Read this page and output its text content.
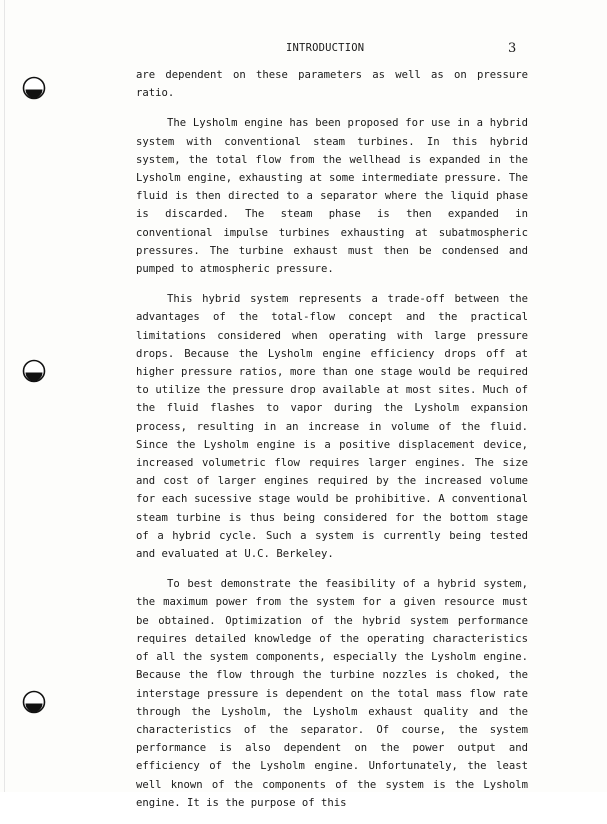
INTRODUCTION	3

are dependent on these parameters as well as on pressure ratio.

The Lysholm engine has been proposed for use in a hybrid system with conventional steam turbines. In this hybrid system, the total flow from the wellhead is expanded in the Lysholm engine, exhausting at some intermediate pressure. The fluid is then directed to a separator where the liquid phase is discarded. The steam phase is then expanded in conventional impulse turbines exhausting at subatmospheric pressures. The turbine exhaust must then be condensed and pumped to atmospheric pressure.

This hybrid system represents a trade-off between the advantages of the total-flow concept and the practical limitations considered when operating with large pressure drops. Because the Lysholm engine efficiency drops off at higher pressure ratios, more than one stage would be required to utilize the pressure drop available at most sites. Much of the fluid flashes to vapor during the Lysholm expansion process, resulting in an increase in volume of the fluid. Since the Lysholm engine is a positive displacement device, increased volumetric flow requires larger engines. The size and cost of larger engines required by the increased volume for each sucessive stage would be prohibitive. A conventional steam turbine is thus being considered for the bottom stage of a hybrid cycle. Such a system is currently being tested and evaluated at U.C. Berkeley.

To best demonstrate the feasibility of a hybrid system, the maximum power from the system for a given resource must be obtained. Optimization of the hybrid system performance requires detailed knowledge of the operating characteristics of all the system components, especially the Lysholm engine. Because the flow through the turbine nozzles is choked, the interstage pressure is dependent on the total mass flow rate through the Lysholm, the Lysholm exhaust quality and the characteristics of the separator. Of course, the system performance is also dependent on the power output and efficiency of the Lysholm engine. Unfortunately, the least well known of the components of the system is the Lysholm engine. It is the purpose of this
